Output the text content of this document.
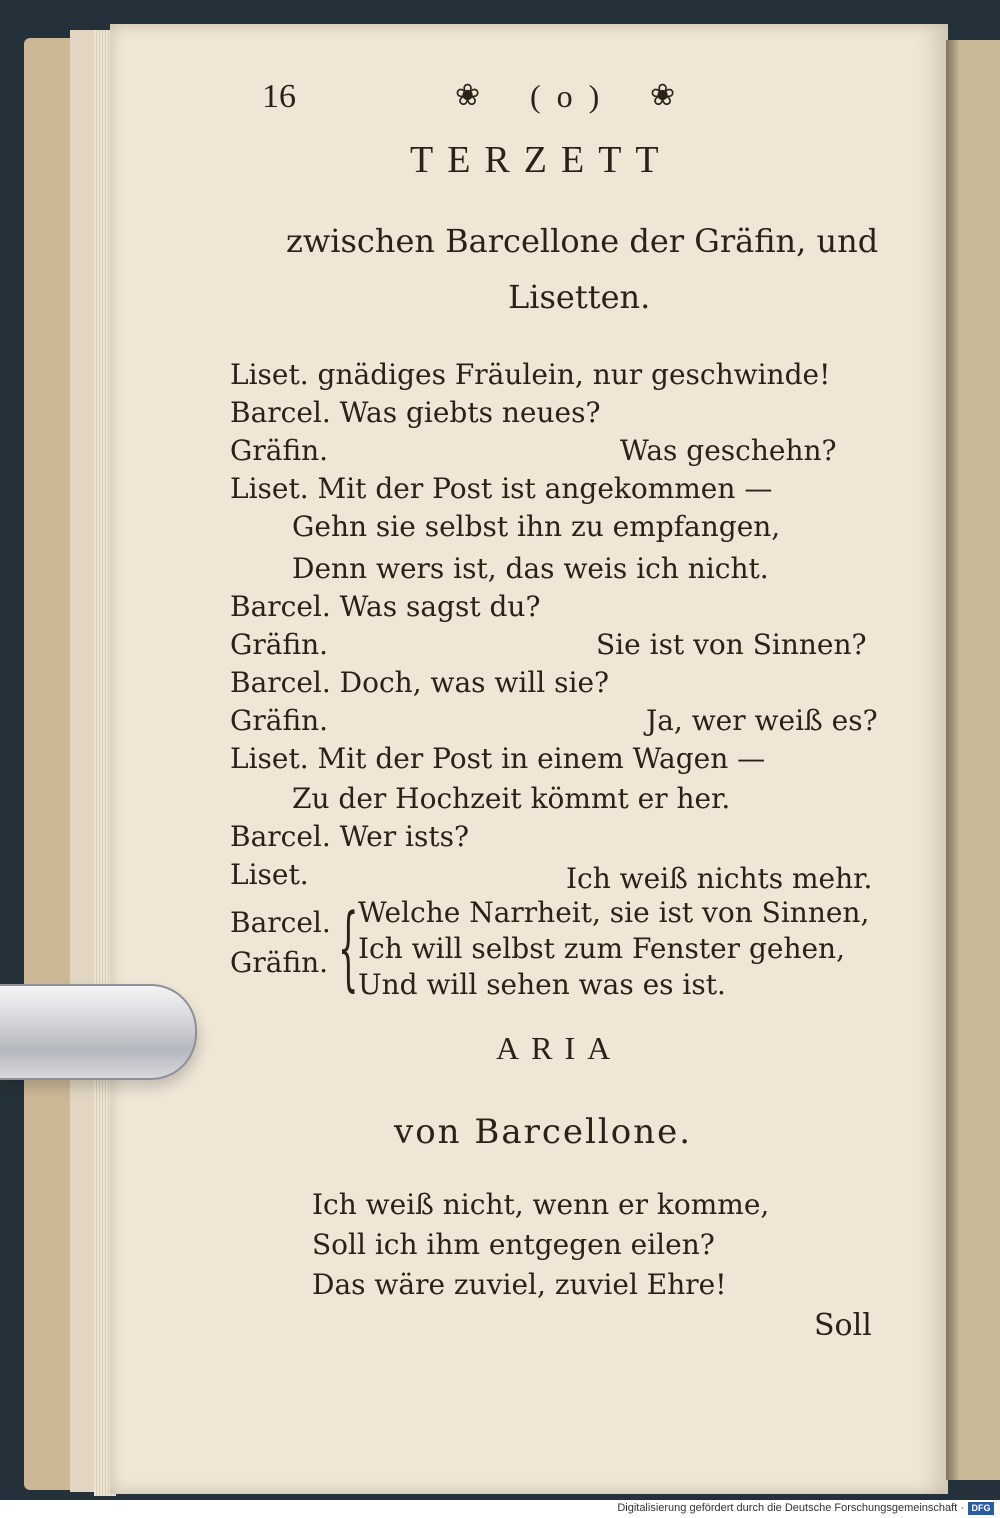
16	❀ ( o ) ❀
TERZETT
zwischen Barcellone der Gräfin, und
Lisetten.
Liset. gnädiges Fräulein, nur geschwinde!
Barcel. Was giebts neues?
Gräfin.	Was geschehn?
Liset. Mit der Post ist angekommen —
Gehn sie selbst ihn zu empfangen,
Denn wers ist, das weis ich nicht.
Barcel. Was sagst du?
Gräfin.	Sie ist von Sinnen?
Barcel. Doch, was will sie?
Gräfin.	Ja, wer weiß es?
Liset. Mit der Post in einem Wagen —
Zu der Hochzeit kömmt er her.
Barcel. Wer ists?
Liset.	Ich weiß nichts mehr.
Barcel.
Gräfin. { Welche Narrheit, sie ist von Sinnen,
Ich will selbst zum Fenster gehen,
Und will sehen was es ist.
ARIA
von Barcellone.
Ich weiß nicht, wenn er komme,
Soll ich ihm entgegen eilen?
Das wäre zuviel, zuviel Ehre!
Soll
Digitalisierung gefördert durch die Deutsche Forschungsgemeinschaft · DFG
